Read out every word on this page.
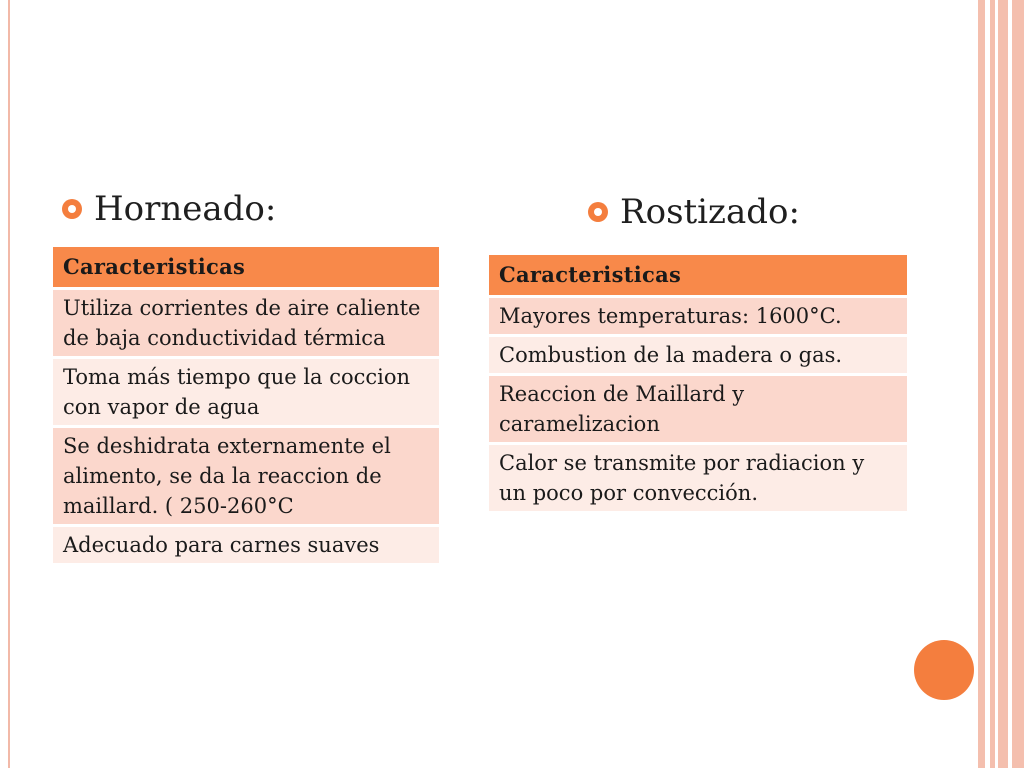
Horneado:
Caracteristicas
Utiliza corrientes de aire caliente de baja conductividad térmica
Toma más tiempo que la coccion con vapor de agua
Se deshidrata externamente el alimento, se da la reaccion de maillard. ( 250-260°C
Adecuado para carnes suaves
Rostizado:
Caracteristicas
Mayores temperaturas: 1600°C.
Combustion de la madera o gas.
Reaccion de Maillard y caramelizacion
Calor se transmite por radiacion y un poco por convección.
